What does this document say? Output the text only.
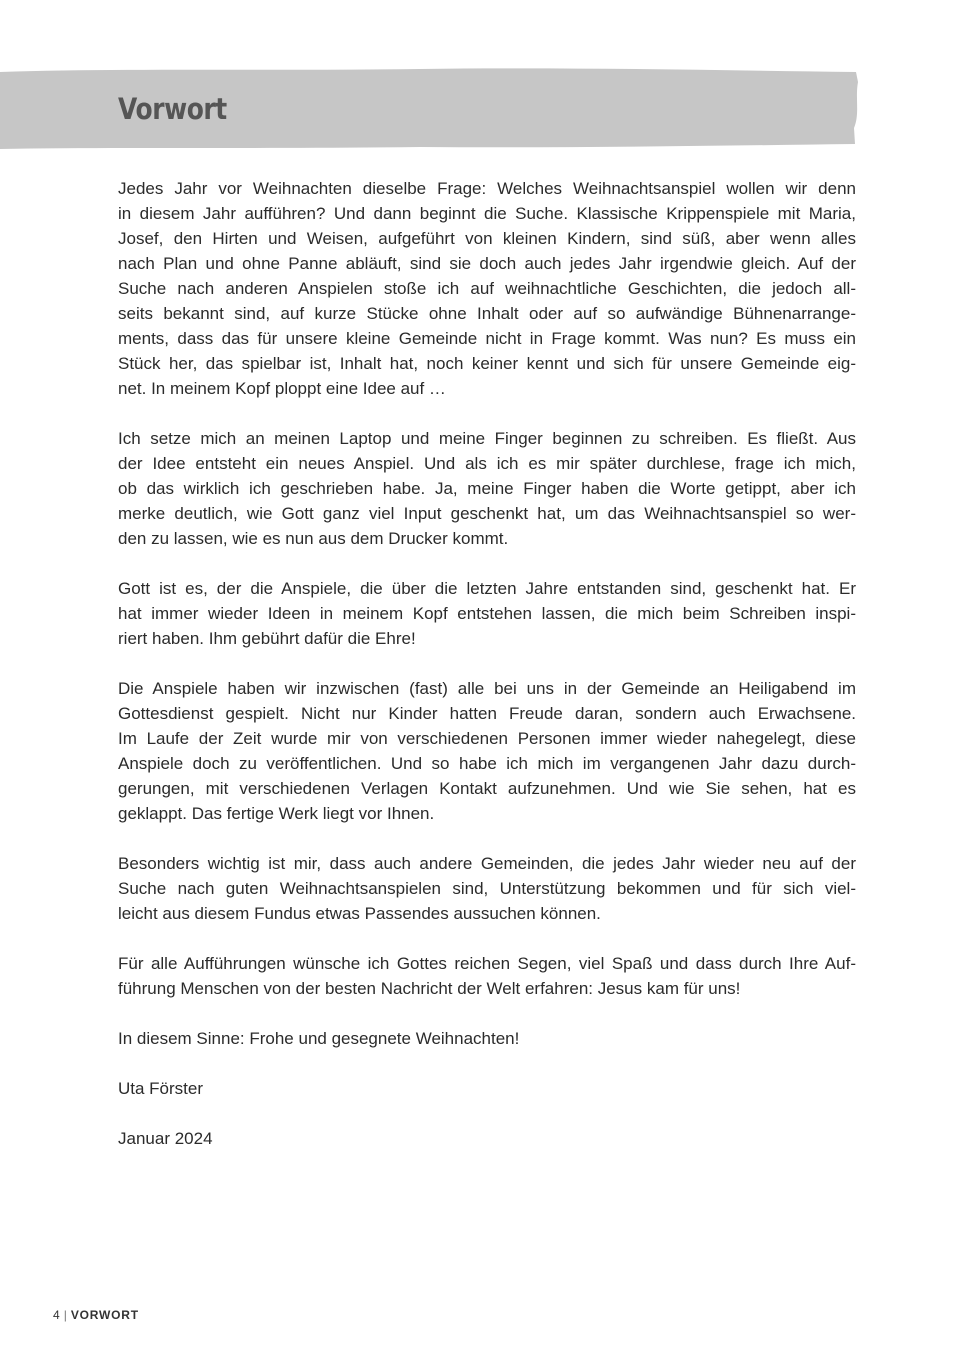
Vorwort
Jedes Jahr vor Weihnachten dieselbe Frage: Welches Weihnachtsanspiel wollen wir denn
in diesem Jahr aufführen? Und dann beginnt die Suche. Klassische Krippenspiele mit Maria,
Josef, den Hirten und Weisen, aufgeführt von kleinen Kindern, sind süß, aber wenn alles
nach Plan und ohne Panne abläuft, sind sie doch auch jedes Jahr irgendwie gleich. Auf der
Suche nach anderen Anspielen stoße ich auf weihnachtliche Geschichten, die jedoch all-
seits bekannt sind, auf kurze Stücke ohne Inhalt oder auf so aufwändige Bühnenarrange-
ments, dass das für unsere kleine Gemeinde nicht in Frage kommt. Was nun? Es muss ein
Stück her, das spielbar ist, Inhalt hat, noch keiner kennt und sich für unsere Gemeinde eig-
net. In meinem Kopf ploppt eine Idee auf …
Ich setze mich an meinen Laptop und meine Finger beginnen zu schreiben. Es fließt. Aus
der Idee entsteht ein neues Anspiel. Und als ich es mir später durchlese, frage ich mich,
ob das wirklich ich geschrieben habe. Ja, meine Finger haben die Worte getippt, aber ich
merke deutlich, wie Gott ganz viel Input geschenkt hat, um das Weihnachtsanspiel so wer-
den zu lassen, wie es nun aus dem Drucker kommt.
Gott ist es, der die Anspiele, die über die letzten Jahre entstanden sind, geschenkt hat. Er
hat immer wieder Ideen in meinem Kopf entstehen lassen, die mich beim Schreiben inspi-
riert haben. Ihm gebührt dafür die Ehre!
Die Anspiele haben wir inzwischen (fast) alle bei uns in der Gemeinde an Heiligabend im
Gottesdienst gespielt. Nicht nur Kinder hatten Freude daran, sondern auch Erwachsene.
Im Laufe der Zeit wurde mir von verschiedenen Personen immer wieder nahegelegt, diese
Anspiele doch zu veröffentlichen. Und so habe ich mich im vergangenen Jahr dazu durch-
gerungen, mit verschiedenen Verlagen Kontakt aufzunehmen. Und wie Sie sehen, hat es
geklappt. Das fertige Werk liegt vor Ihnen.
Besonders wichtig ist mir, dass auch andere Gemeinden, die jedes Jahr wieder neu auf der
Suche nach guten Weihnachtsanspielen sind, Unterstützung bekommen und für sich viel-
leicht aus diesem Fundus etwas Passendes aussuchen können.
Für alle Aufführungen wünsche ich Gottes reichen Segen, viel Spaß und dass durch Ihre Auf-
führung Menschen von der besten Nachricht der Welt erfahren: Jesus kam für uns!
In diesem Sinne: Frohe und gesegnete Weihnachten!
Uta Förster
Januar 2024
4 | VORWORT
